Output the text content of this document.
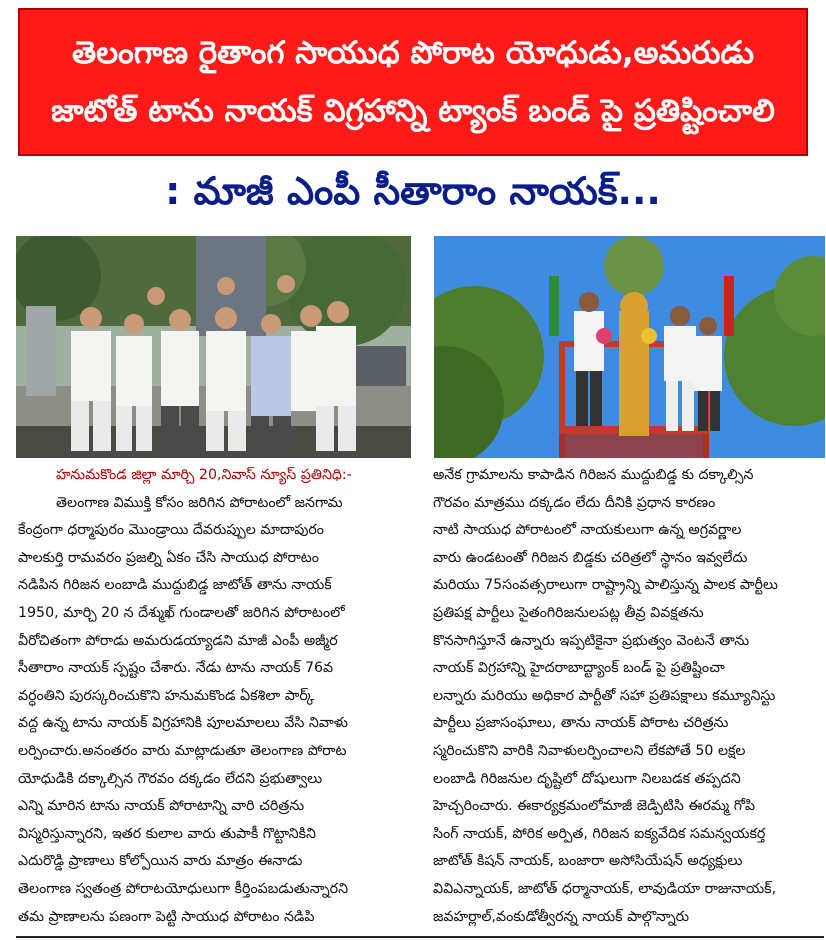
తెలంగాణ రైతాంగ సాయుధ పోరాట యోధుడు,అమరుడు
జాటోత్ టాను నాయక్ విగ్రహాన్ని ట్యాంక్ బండ్ పై ప్రతిష్టించాలి
: మాజీ ఎంపీ సీతారాం నాయక్...
హనుమకొండ జిల్లా మార్చి 20,నివాస్ న్యూస్ ప్రతినిధి:-
తెలంగాణ విముక్తి కోసం జరిగిన పోరాటంలో జనగామ
కేంద్రంగా ధర్మాపురం మొండ్రాయి దేవరుప్పుల మాదాపురం
పాలకుర్తి రామవరం ప్రజల్ని ఏకం చేసి సాయుధ పోరాటం
నడిపిన గిరిజన లంబాడి ముద్దుబిడ్డ జాటోత్ తాను నాయక్
1950, మార్చి 20 న దేశ్ముఖ్ గుండాలతో జరిగిన పోరాటంలో
వీరోచితంగా పోరాడు అమరుడయ్యాడని మాజీ ఎంపీ అజ్మీర
సీతారాం నాయక్ స్పష్టం చేశారు. నేడు టాను నాయక్ 76వ
వర్ధంతిని పురస్కరించుకొని హనుమకొండ ఏకశిలా పార్క్
వద్ద ఉన్న టాను నాయక్ విగ్రహానికి పూలమాలలు వేసి నివాళు
లర్పించారు.అనంతరం వారు మాట్లాడుతూ తెలంగాణ పోరాట
యోధుడికి దక్కాల్సిన గౌరవం దక్కడం లేదని ప్రభుత్వాలు
ఎన్ని మారిన టాను నాయక్ పోరాటాన్ని వారి చరిత్రను
విస్మరిస్తున్నారని, ఇతర కులాల వారు తుపాకీ గొట్టానికిని
ఎదురొడ్డి ప్రాణాలు కోల్పోయిన వారు మాత్రం ఈనాడు
తెలంగాణ స్వతంత్ర పోరాటయోధులుగా కీర్తింపబడుతున్నారని
తమ ప్రాణాలను పణంగా పెట్టి సాయుధ పోరాటం నడిపి
అనేక గ్రామాలను కాపాడిన గిరిజన ముద్దుబిడ్డ కు దక్కాల్సిన
గౌరవం మాత్రము దక్కడం లేదు దీనికి ప్రధాన కారణం
నాటి సాయుధ పోరాటంలో నాయకులుగా ఉన్న అగ్రవర్ణాల
వారు ఉండటంతో గిరిజన బిడ్డకు చరిత్రలో స్థానం ఇవ్వలేదు
మరియు 75సంవత్సరాలుగా రాష్ట్రాన్ని పాలిస్తున్న పాలక పార్టీలు
ప్రతిపక్ష పార్టీలు సైతంగిరిజనులపట్ల తీవ్ర వివక్షతను
కొనసాగిస్తూనే ఉన్నారు ఇప్పటికైనా ప్రభుత్వం వెంటనే తాను
నాయక్ విగ్రహాన్ని హైదరాబాద్ట్యాంక్ బండ్ పై ప్రతిష్టించా
లన్నారు మరియు అధికార పార్టీతో సహా ప్రతిపక్షాలు కమ్యూనిస్టు
పార్టీలు ప్రజాసంఘాలు, తాను నాయక్ పోరాట చరిత్రను
స్మరించుకొని వారికి నివాళులర్పించాలని లేకపోతే 50 లక్షల
లంబాడి గిరిజనుల దృష్టిలో దోషులుగా నిలబడక తప్పదని
హెచ్చరించారు. ఈకార్యక్రమంలోమాజీ జెడ్పిటిసి ఈరమ్మ గోపి
సింగ్ నాయక్, పోరిక అర్పిత, గిరిజన ఐక్యవేదిక సమన్వయకర్త
జాటోత్ కిషన్ నాయక్, బంజారా అసోసియేషన్ అధ్యక్షులు
వివిఎన్నాయక్, జాటోత్ ధర్మానాయక్, లావుడియా రాజునాయక్,
జవహర్లాల్,వంకుడోత్వీరన్న నాయక్ పాల్గొన్నారు
